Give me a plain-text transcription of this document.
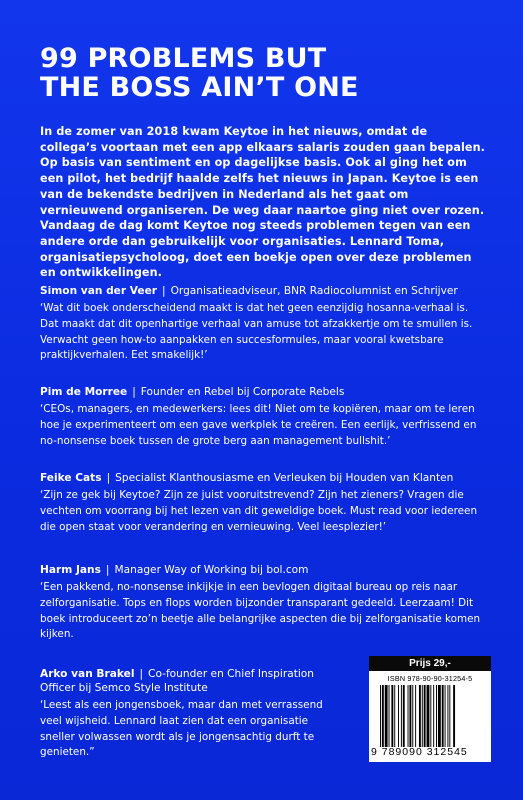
99 PROBLEMS BUT
THE BOSS AIN’T ONE

In de zomer van 2018 kwam Keytoe in het nieuws, omdat de collega’s voortaan met een app elkaars salaris zouden gaan bepalen. Op basis van sentiment en op dagelijkse basis. Ook al ging het om een pilot, het bedrijf haalde zelfs het nieuws in Japan. Keytoe is een van de bekendste bedrijven in Nederland als het gaat om vernieuwend organiseren. De weg daar naartoe ging niet over rozen. Vandaag de dag komt Keytoe nog steeds problemen tegen van een andere orde dan gebruikelijk voor organisaties. Lennard Toma, organisatiepsycholoog, doet een boekje open over deze problemen en ontwikkelingen.

Simon van der Veer | Organisatieadviseur, BNR Radiocolumnist en Schrijver

‘Wat dit boek onderscheidend maakt is dat het geen eenzijdig hosanna-verhaal is. Dat maakt dat dit openhartige verhaal van amuse tot afzakkertje om te smullen is. Verwacht geen how-to aanpakken en succesformules, maar vooral kwetsbare praktijkverhalen. Eet smakelijk!’

Pim de Morree | Founder en Rebel bij Corporate Rebels

‘CEOs, managers, en medewerkers: lees dit! Niet om te kopiëren, maar om te leren hoe je experimenteert om een gave werkplek te creëren. Een eerlijk, verfrissend en no-nonsense boek tussen de grote berg aan management bullshit.’

Feike Cats | Specialist Klanthousiasme en Verleuken bij Houden van Klanten

‘Zijn ze gek bij Keytoe? Zijn ze juist vooruitstrevend? Zijn het zieners? Vragen die vechten om voorrang bij het lezen van dit geweldige boek. Must read voor iedereen die open staat voor verandering en vernieuwing. Veel leesplezier!’

Harm Jans | Manager Way of Working bij bol.com

‘Een pakkend, no-nonsense inkijkje in een bevlogen digitaal bureau op reis naar zelforganisatie. Tops en flops worden bijzonder transparant gedeeld. Leerzaam! Dit boek introduceert zo’n beetje alle belangrijke aspecten die bij zelforganisatie komen kijken.

Arko van Brakel | Co-founder en Chief Inspiration Officer bij Semco Style Institute

‘Leest als een jongensboek, maar dan met verrassend veel wijsheid. Lennard laat zien dat een organisatie sneller volwassen wordt als je jongensachtig durft te genieten.”

Prijs 29,-
ISBN 978-90-90-31254-5
9 789090 312545
